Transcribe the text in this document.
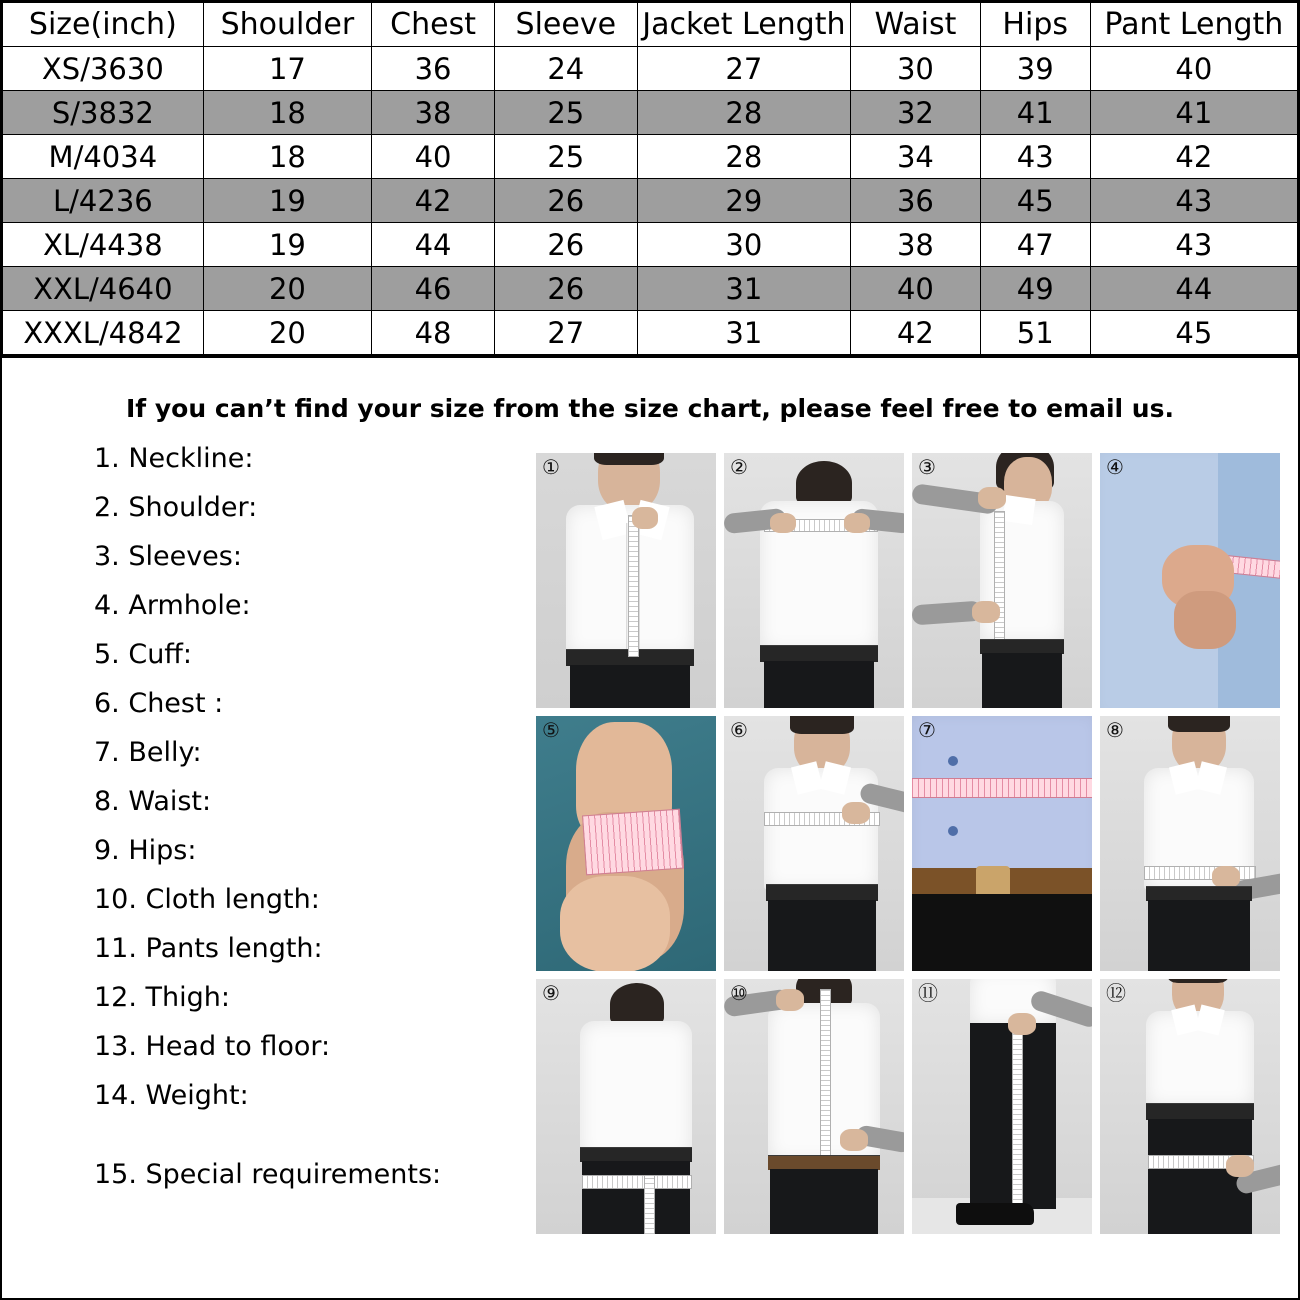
Size(inch)	Shoulder	Chest	Sleeve	Jacket Length	Waist	Hips	Pant Length
XS/3630	17	36	24	27	30	39	40
S/3832	18	38	25	28	32	41	41
M/4034	18	40	25	28	34	43	42
L/4236	19	42	26	29	36	45	43
XL/4438	19	44	26	30	38	47	43
XXL/4640	20	46	26	31	40	49	44
XXXL/4842	20	48	27	31	42	51	45
If you can’t find your size from the size chart, please feel free to email us.
1. Neckline:
2. Shoulder:
3. Sleeves:
4. Armhole:
5. Cuff:
6. Chest :
7. Belly:
8. Waist:
9. Hips:
10. Cloth length:
11. Pants length:
12. Thigh:
13. Head to floor:
14. Weight:
15. Special requirements:
①	②	③	④
⑤	⑥	⑦	⑧
⑨	⑩	⑪	⑫
